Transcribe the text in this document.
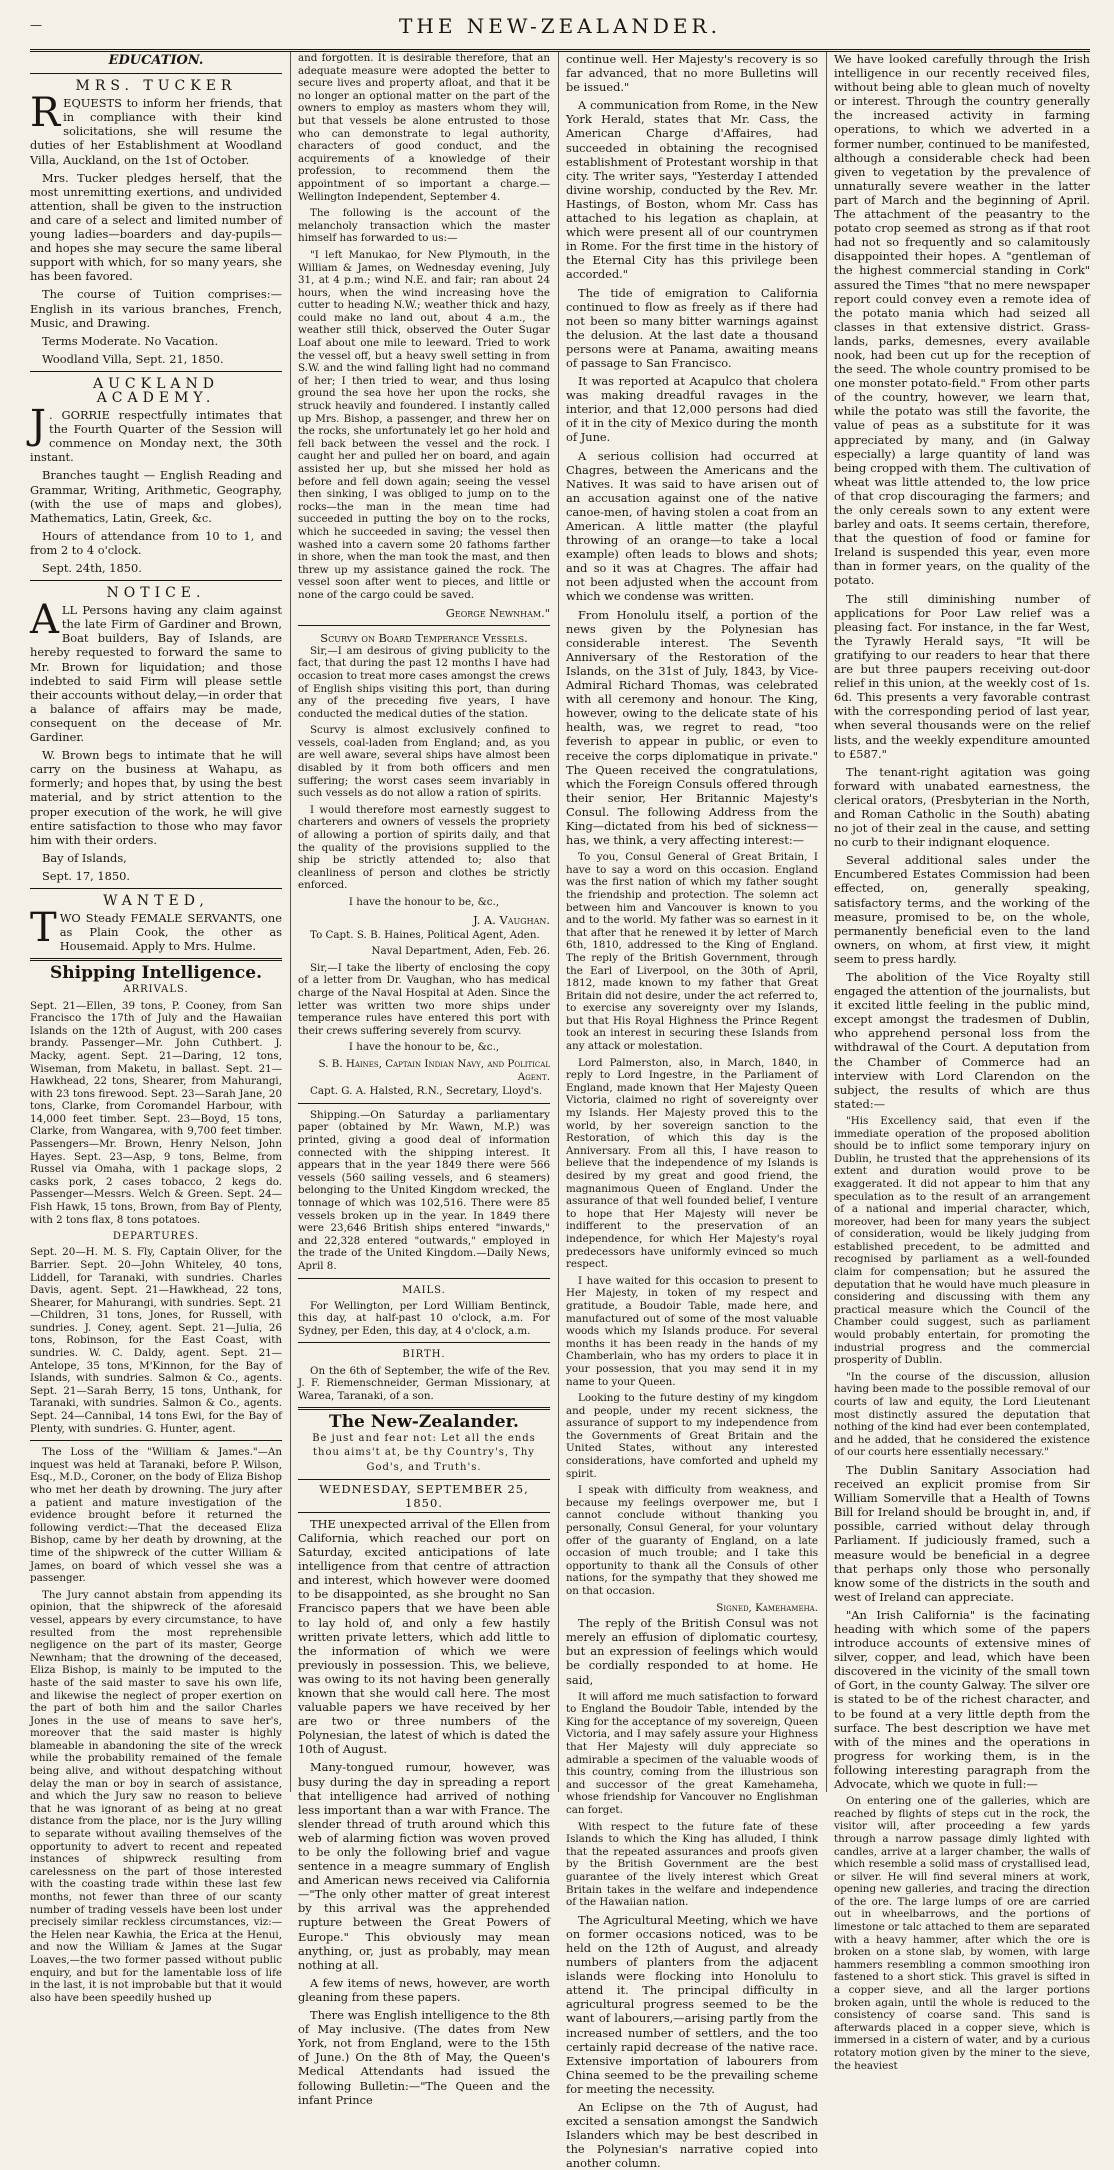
—	THE NEW-ZEALANDER.
EDUCATION.
MRS. TUCKER

REQUESTS to inform her friends, that in compliance with their kind solicitations, she will resume the duties of her Establishment at Woodland Villa, Auckland, on the 1st of October.

Mrs. Tucker pledges herself, that the most unremitting exertions, and undivided attention, shall be given to the instruction and care of a select and limited number of young ladies—boarders and day-pupils—and hopes she may secure the same liberal support with which, for so many years, she has been favored.

The course of Tuition comprises:—English in its various branches, French, Music, and Drawing.

Terms Moderate. No Vacation.

Woodland Villa, Sept. 21, 1850.

AUCKLAND ACADEMY.

J . GORRIE respectfully intimates that the Fourth Quarter of the Session will commence on Monday next, the 30th instant.

Branches taught — English Reading and Grammar, Writing, Arithmetic, Geography, (with the use of maps and globes), Mathematics, Latin, Greek, &c.

Hours of attendance from 10 to 1, and from 2 to 4 o'clock.

Sept. 24th, 1850.

NOTICE.

ALL Persons having any claim against the late Firm of Gardiner and Brown, Boat builders, Bay of Islands, are hereby requested to forward the same to Mr. Brown for liquidation; and those indebted to said Firm will please settle their accounts without delay,—in order that a balance of affairs may be made, consequent on the decease of Mr. Gardiner.

W. Brown begs to intimate that he will carry on the business at Wahapu, as formerly; and hopes that, by using the best material, and by strict attention to the proper execution of the work, he will give entire satisfaction to those who may favor him with their orders.

Bay of Islands,

Sept. 17, 1850.

WANTED,

TWO Steady FEMALE SERVANTS, one as Plain Cook, the other as Housemaid. Apply to Mrs. Hulme.

Shipping Intelligence.
ARRIVALS.

Sept. 21—Ellen, 39 tons, P. Cooney, from San Francisco the 17th of July and the Hawaiian Islands on the 12th of August, with 200 cases brandy. Passenger—Mr. John Cuthbert. J. Macky, agent. Sept. 21—Daring, 12 tons, Wiseman, from Maketu, in ballast. Sept. 21—Hawkhead, 22 tons, Shearer, from Mahurangi, with 23 tons firewood. Sept. 23—Sarah Jane, 20 tons, Clarke, from Coromandel Harbour, with 14,000 feet timber. Sept. 23—Boyd, 15 tons, Clarke, from Wangarea, with 9,700 feet timber. Passengers—Mr. Brown, Henry Nelson, John Hayes. Sept. 23—Asp, 9 tons, Belme, from Russel via Omaha, with 1 package slops, 2 casks pork, 2 cases tobacco, 2 kegs do. Passenger—Messrs. Welch & Green. Sept. 24—Fish Hawk, 15 tons, Brown, from Bay of Plenty, with 2 tons flax, 8 tons potatoes.

DEPARTURES.

Sept. 20—H. M. S. Fly, Captain Oliver, for the Barrier. Sept. 20—John Whiteley, 40 tons, Liddell, for Taranaki, with sundries. Charles Davis, agent. Sept. 21—Hawkhead, 22 tons, Shearer, for Mahurangi, with sundries. Sept. 21—Children, 31 tons, Jones, for Russell, with sundries. J. Coney, agent. Sept. 21—Julia, 26 tons, Robinson, for the East Coast, with sundries. W. C. Daldy, agent. Sept. 21—Antelope, 35 tons, M'Kinnon, for the Bay of Islands, with sundries. Salmon & Co., agents. Sept. 21—Sarah Berry, 15 tons, Unthank, for Taranaki, with sundries. Salmon & Co., agents. Sept. 24—Cannibal, 14 tons Ewi, for the Bay of Plenty, with sundries. G. Hunter, agent.

The Loss of the "William & James."—An inquest was held at Taranaki, before P. Wilson, Esq., M.D., Coroner, on the body of Eliza Bishop who met her death by drowning. The jury after a patient and mature investigation of the evidence brought before it returned the following verdict:—That the deceased Eliza Bishop, came by her death by drowning, at the time of the shipwreck of the cutter William & James, on board of which vessel she was a passenger.

The Jury cannot abstain from appending its opinion, that the shipwreck of the aforesaid vessel, appears by every circumstance, to have resulted from the most reprehensible negligence on the part of its master, George Newnham; that the drowning of the deceased, Eliza Bishop, is mainly to be imputed to the haste of the said master to save his own life, and likewise the neglect of proper exertion on the part of both him and the sailor Charles Jones in the use of means to save her's, moreover that the said master is highly blameable in abandoning the site of the wreck while the probability remained of the female being alive, and without despatching without delay the man or boy in search of assistance, and which the Jury saw no reason to believe that he was ignorant of as being at no great distance from the place, nor is the Jury willing to separate without availing themselves of the opportunity to advert to recent and repeated instances of shipwreck resulting from carelessness on the part of those interested with the coasting trade within these last few months, not fewer than three of our scanty number of trading vessels have been lost under precisely similar reckless circumstances, viz:—the Helen near Kawhia, the Erica at the Henui, and now the William & James at the Sugar Loaves,—the two former passed without public enquiry, and but for the lamentable loss of life in the last, it is not improbable but that it would also have been speedily hushed up

and forgotten. It is desirable therefore, that an adequate measure were adopted the better to secure lives and property afloat, and that it be no longer an optional matter on the part of the owners to employ as masters whom they will, but that vessels be alone entrusted to those who can demonstrate to legal authority, characters of good conduct, and the acquirements of a knowledge of their profession, to recommend them the appointment of so important a charge.—Wellington Independent, September 4.

The following is the account of the melancholy transaction which the master himself has forwarded to us:—

"I left Manukao, for New Plymouth, in the William & James, on Wednesday evening, July 31, at 4 p.m.; wind N.E. and fair; ran about 24 hours, when the wind increasing hove the cutter to heading N.W.; weather thick and hazy, could make no land out, about 4 a.m., the weather still thick, observed the Outer Sugar Loaf about one mile to leeward. Tried to work the vessel off, but a heavy swell setting in from S.W. and the wind falling light had no command of her; I then tried to wear, and thus losing ground the sea hove her upon the rocks, she struck heavily and foundered. I instantly called up Mrs. Bishop, a passenger, and threw her on the rocks, she unfortunately let go her hold and fell back between the vessel and the rock. I caught her and pulled her on board, and again assisted her up, but she missed her hold as before and fell down again; seeing the vessel then sinking, I was obliged to jump on to the rocks—the man in the mean time had succeeded in putting the boy on to the rocks, which he succeeded in saving; the vessel then washed into a cavern some 20 fathoms farther in shore, when the man took the mast, and then threw up my assistance gained the rock. The vessel soon after went to pieces, and little or none of the cargo could be saved.

George Newnham."
Scurvy on Board Temperance Vessels.

Sir,—I am desirous of giving publicity to the fact, that during the past 12 months I have had occasion to treat more cases amongst the crews of English ships visiting this port, than during any of the preceding five years, I have conducted the medical duties of the station.

Scurvy is almost exclusively confined to vessels, coal-laden from England; and, as you are well aware, several ships have almost been disabled by it from both officers and men suffering; the worst cases seem invariably in such vessels as do not allow a ration of spirits.

I would therefore most earnestly suggest to charterers and owners of vessels the propriety of allowing a portion of spirits daily, and that the quality of the provisions supplied to the ship be strictly attended to; also that cleanliness of person and clothes be strictly enforced.

I have the honour to be, &c.,

J. A. Vaughan.

To Capt. S. B. Haines, Political Agent, Aden.

Naval Department, Aden, Feb. 26.

Sir,—I take the liberty of enclosing the copy of a letter from Dr. Vaughan, who has medical charge of the Naval Hospital at Aden. Since the letter was written two more ships under temperance rules have entered this port with their crews suffering severely from scurvy.

I have the honour to be, &c.,

S. B. Haines, Captain Indian Navy, and Political Agent.

Capt. G. A. Halsted, R.N., Secretary, Lloyd's.

Shipping.—On Saturday a parliamentary paper (obtained by Mr. Wawn, M.P.) was printed, giving a good deal of information connected with the shipping interest. It appears that in the year 1849 there were 566 vessels (560 sailing vessels, and 6 steamers) belonging to the United Kingdom wrecked, the tonnage of which was 102,516. There were 85 vessels broken up in the year. In 1849 there were 23,646 British ships entered "inwards," and 22,328 entered "outwards," employed in the trade of the United Kingdom.—Daily News, April 8.

MAILS.

For Wellington, per Lord William Bentinck, this day, at half-past 10 o'clock, a.m. For Sydney, per Eden, this day, at 4 o'clock, a.m.

BIRTH.

On the 6th of September, the wife of the Rev. J. F. Riemenschneider, German Missionary, at Warea, Taranaki, of a son.

The New-Zealander.
Be just and fear not: Let all the ends thou aims't at, be thy Country's, Thy God's, and Truth's.
WEDNESDAY, SEPTEMBER 25, 1850.

THE unexpected arrival of the Ellen from California, which reached our port on Saturday, excited anticipations of late intelligence from that centre of attraction and interest, which however were doomed to be disappointed, as she brought no San Francisco papers that we have been able to lay hold of, and only a few hastily written private letters, which add little to the information of which we were previously in possession. This, we believe, was owing to its not having been generally known that she would call here. The most valuable papers we have received by her are two or three numbers of the Polynesian, the latest of which is dated the 10th of August.

Many-tongued rumour, however, was busy during the day in spreading a report that intelligence had arrived of nothing less important than a war with France. The slender thread of truth around which this web of alarming fiction was woven proved to be only the following brief and vague sentence in a meagre summary of English and American news received via California—"The only other matter of great interest by this arrival was the apprehended rupture between the Great Powers of Europe." This obviously may mean anything, or, just as probably, may mean nothing at all.

A few items of news, however, are worth gleaning from these papers.

There was English intelligence to the 8th of May inclusive. (The dates from New York, not from England, were to the 15th of June.) On the 8th of May, the Queen's Medical Attendants had issued the following Bulletin:—"The Queen and the infant Prince

continue well. Her Majesty's recovery is so far advanced, that no more Bulletins will be issued."

A communication from Rome, in the New York Herald, states that Mr. Cass, the American Charge d'Affaires, had succeeded in obtaining the recognised establishment of Protestant worship in that city. The writer says, "Yesterday I attended divine worship, conducted by the Rev. Mr. Hastings, of Boston, whom Mr. Cass has attached to his legation as chaplain, at which were present all of our countrymen in Rome. For the first time in the history of the Eternal City has this privilege been accorded."

The tide of emigration to California continued to flow as freely as if there had not been so many bitter warnings against the delusion. At the last date a thousand persons were at Panama, awaiting means of passage to San Francisco.

It was reported at Acapulco that cholera was making dreadful ravages in the interior, and that 12,000 persons had died of it in the city of Mexico during the month of June.

A serious collision had occurred at Chagres, between the Americans and the Natives. It was said to have arisen out of an accusation against one of the native canoe-men, of having stolen a coat from an American. A little matter (the playful throwing of an orange—to take a local example) often leads to blows and shots; and so it was at Chagres. The affair had not been adjusted when the account from which we condense was written.

From Honolulu itself, a portion of the news given by the Polynesian has considerable interest. The Seventh Anniversary of the Restoration of the Islands, on the 31st of July, 1843, by Vice-Admiral Richard Thomas, was celebrated with all ceremony and honour. The King, however, owing to the delicate state of his health, was, we regret to read, "too feverish to appear in public, or even to receive the corps diplomatique in private." The Queen received the congratulations, which the Foreign Consuls offered through their senior, Her Britannic Majesty's Consul. The following Address from the King—dictated from his bed of sickness—has, we think, a very affecting interest:—

To you, Consul General of Great Britain, I have to say a word on this occasion. England was the first nation of which my father sought the friendship and protection. The solemn act between him and Vancouver is known to you and to the world. My father was so earnest in it that after that he renewed it by letter of March 6th, 1810, addressed to the King of England. The reply of the British Government, through the Earl of Liverpool, on the 30th of April, 1812, made known to my father that Great Britain did not desire, under the act referred to, to exercise any sovereignty over my Islands, but that His Royal Highness the Prince Regent took an interest in securing these Islands from any attack or molestation.

Lord Palmerston, also, in March, 1840, in reply to Lord Ingestre, in the Parliament of England, made known that Her Majesty Queen Victoria, claimed no right of sovereignty over my Islands. Her Majesty proved this to the world, by her sovereign sanction to the Restoration, of which this day is the Anniversary. From all this, I have reason to believe that the independence of my Islands is desired by my great and good friend, the magnanimous Queen of England. Under the assurance of that well founded belief, I venture to hope that Her Majesty will never be indifferent to the preservation of an independence, for which Her Majesty's royal predecessors have uniformly evinced so much respect.

I have waited for this occasion to present to Her Majesty, in token of my respect and gratitude, a Boudoir Table, made here, and manufactured out of some of the most valuable woods which my Islands produce. For several months it has been ready in the hands of my Chamberlain, who has my orders to place it in your possession, that you may send it in my name to your Queen.

Looking to the future destiny of my kingdom and people, under my recent sickness, the assurance of support to my independence from the Governments of Great Britain and the United States, without any interested considerations, have comforted and upheld my spirit.

I speak with difficulty from weakness, and because my feelings overpower me, but I cannot conclude without thanking you personally, Consul General, for your voluntary offer of the guaranty of England, on a late occasion of much trouble; and I take this opportunity to thank all the Consuls of other nations, for the sympathy that they showed me on that occasion.

Signed, Kamehameha.

The reply of the British Consul was not merely an effusion of diplomatic courtesy, but an expression of feelings which would be cordially responded to at home. He said,

It will afford me much satisfaction to forward to England the Boudoir Table, intended by the King for the acceptance of my sovereign, Queen Victoria, and I may safely assure your Highness that Her Majesty will duly appreciate so admirable a specimen of the valuable woods of this country, coming from the illustrious son and successor of the great Kamehameha, whose friendship for Vancouver no Englishman can forget.

With respect to the future fate of these Islands to which the King has alluded, I think that the repeated assurances and proofs given by the British Government are the best guarantee of the lively interest which Great Britain takes in the welfare and independence of the Hawaiian nation.

The Agricultural Meeting, which we have on former occasions noticed, was to be held on the 12th of August, and already numbers of planters from the adjacent islands were flocking into Honolulu to attend it. The principal difficulty in agricultural progress seemed to be the want of labourers,—arising partly from the increased number of settlers, and the too certainly rapid decrease of the native race. Extensive importation of labourers from China seemed to be the prevailing scheme for meeting the necessity.

An Eclipse on the 7th of August, had excited a sensation amongst the Sandwich Islanders which may be best described in the Polynesian's narrative copied into another column.

We have looked carefully through the Irish intelligence in our recently received files, without being able to glean much of novelty or interest. Through the country generally the increased activity in farming operations, to which we adverted in a former number, continued to be manifested, although a considerable check had been given to vegetation by the prevalence of unnaturally severe weather in the latter part of March and the beginning of April. The attachment of the peasantry to the potato crop seemed as strong as if that root had not so frequently and so calamitously disappointed their hopes. A "gentleman of the highest commercial standing in Cork" assured the Times "that no mere newspaper report could convey even a remote idea of the potato mania which had seized all classes in that extensive district. Grass-lands, parks, demesnes, every available nook, had been cut up for the reception of the seed. The whole country promised to be one monster potato-field." From other parts of the country, however, we learn that, while the potato was still the favorite, the value of peas as a substitute for it was appreciated by many, and (in Galway especially) a large quantity of land was being cropped with them. The cultivation of wheat was little attended to, the low price of that crop discouraging the farmers; and the only cereals sown to any extent were barley and oats. It seems certain, therefore, that the question of food or famine for Ireland is suspended this year, even more than in former years, on the quality of the potato.

The still diminishing number of applications for Poor Law relief was a pleasing fact. For instance, in the far West, the Tyrawly Herald says, "It will be gratifying to our readers to hear that there are but three paupers receiving out-door relief in this union, at the weekly cost of 1s. 6d. This presents a very favorable contrast with the corresponding period of last year, when several thousands were on the relief lists, and the weekly expenditure amounted to £587."

The tenant-right agitation was going forward with unabated earnestness, the clerical orators, (Presbyterian in the North, and Roman Catholic in the South) abating no jot of their zeal in the cause, and setting no curb to their indignant eloquence.

Several additional sales under the Encumbered Estates Commission had been effected, on, generally speaking, satisfactory terms, and the working of the measure, promised to be, on the whole, permanently beneficial even to the land owners, on whom, at first view, it might seem to press hardly.

The abolition of the Vice Royalty still engaged the attention of the journalists, but it excited little feeling in the public mind, except amongst the tradesmen of Dublin, who apprehend personal loss from the withdrawal of the Court. A deputation from the Chamber of Commerce had an interview with Lord Clarendon on the subject, the results of which are thus stated:—

"His Excellency said, that even if the immediate operation of the proposed abolition should be to inflict some temporary injury on Dublin, he trusted that the apprehensions of its extent and duration would prove to be exaggerated. It did not appear to him that any speculation as to the result of an arrangement of a national and imperial character, which, moreover, had been for many years the subject of consideration, would be likely judging from established precedent, to be admitted and recognised by parliament as a well-founded claim for compensation; but he assured the deputation that he would have much pleasure in considering and discussing with them any practical measure which the Council of the Chamber could suggest, such as parliament would probably entertain, for promoting the industrial progress and the commercial prosperity of Dublin.

"In the course of the discussion, allusion having been made to the possible removal of our courts of law and equity, the Lord Lieutenant most distinctly assured the deputation that nothing of the kind had ever been contemplated, and he added, that he considered the existence of our courts here essentially necessary."

The Dublin Sanitary Association had received an explicit promise from Sir William Somerville that a Health of Towns Bill for Ireland should be brought in, and, if possible, carried without delay through Parliament. If judiciously framed, such a measure would be beneficial in a degree that perhaps only those who personally know some of the districts in the south and west of Ireland can appreciate.

"An Irish California" is the facinating heading with which some of the papers introduce accounts of extensive mines of silver, copper, and lead, which have been discovered in the vicinity of the small town of Gort, in the county Galway. The silver ore is stated to be of the richest character, and to be found at a very little depth from the surface. The best description we have met with of the mines and the operations in progress for working them, is in the following interesting paragraph from the Advocate, which we quote in full:—

On entering one of the galleries, which are reached by flights of steps cut in the rock, the visitor will, after proceeding a few yards through a narrow passage dimly lighted with candles, arrive at a larger chamber, the walls of which resemble a solid mass of crystallised lead, or silver. He will find several miners at work, opening new galleries, and tracing the direction of the ore. The large lumps of ore are carried out in wheelbarrows, and the portions of limestone or talc attached to them are separated with a heavy hammer, after which the ore is broken on a stone slab, by women, with large hammers resembling a common smoothing iron fastened to a short stick. This gravel is sifted in a copper sieve, and all the larger portions broken again, until the whole is reduced to the consistency of coarse sand. This sand is afterwards placed in a copper sieve, which is immersed in a cistern of water, and by a curious rotatory motion given by the miner to the sieve, the heaviest
